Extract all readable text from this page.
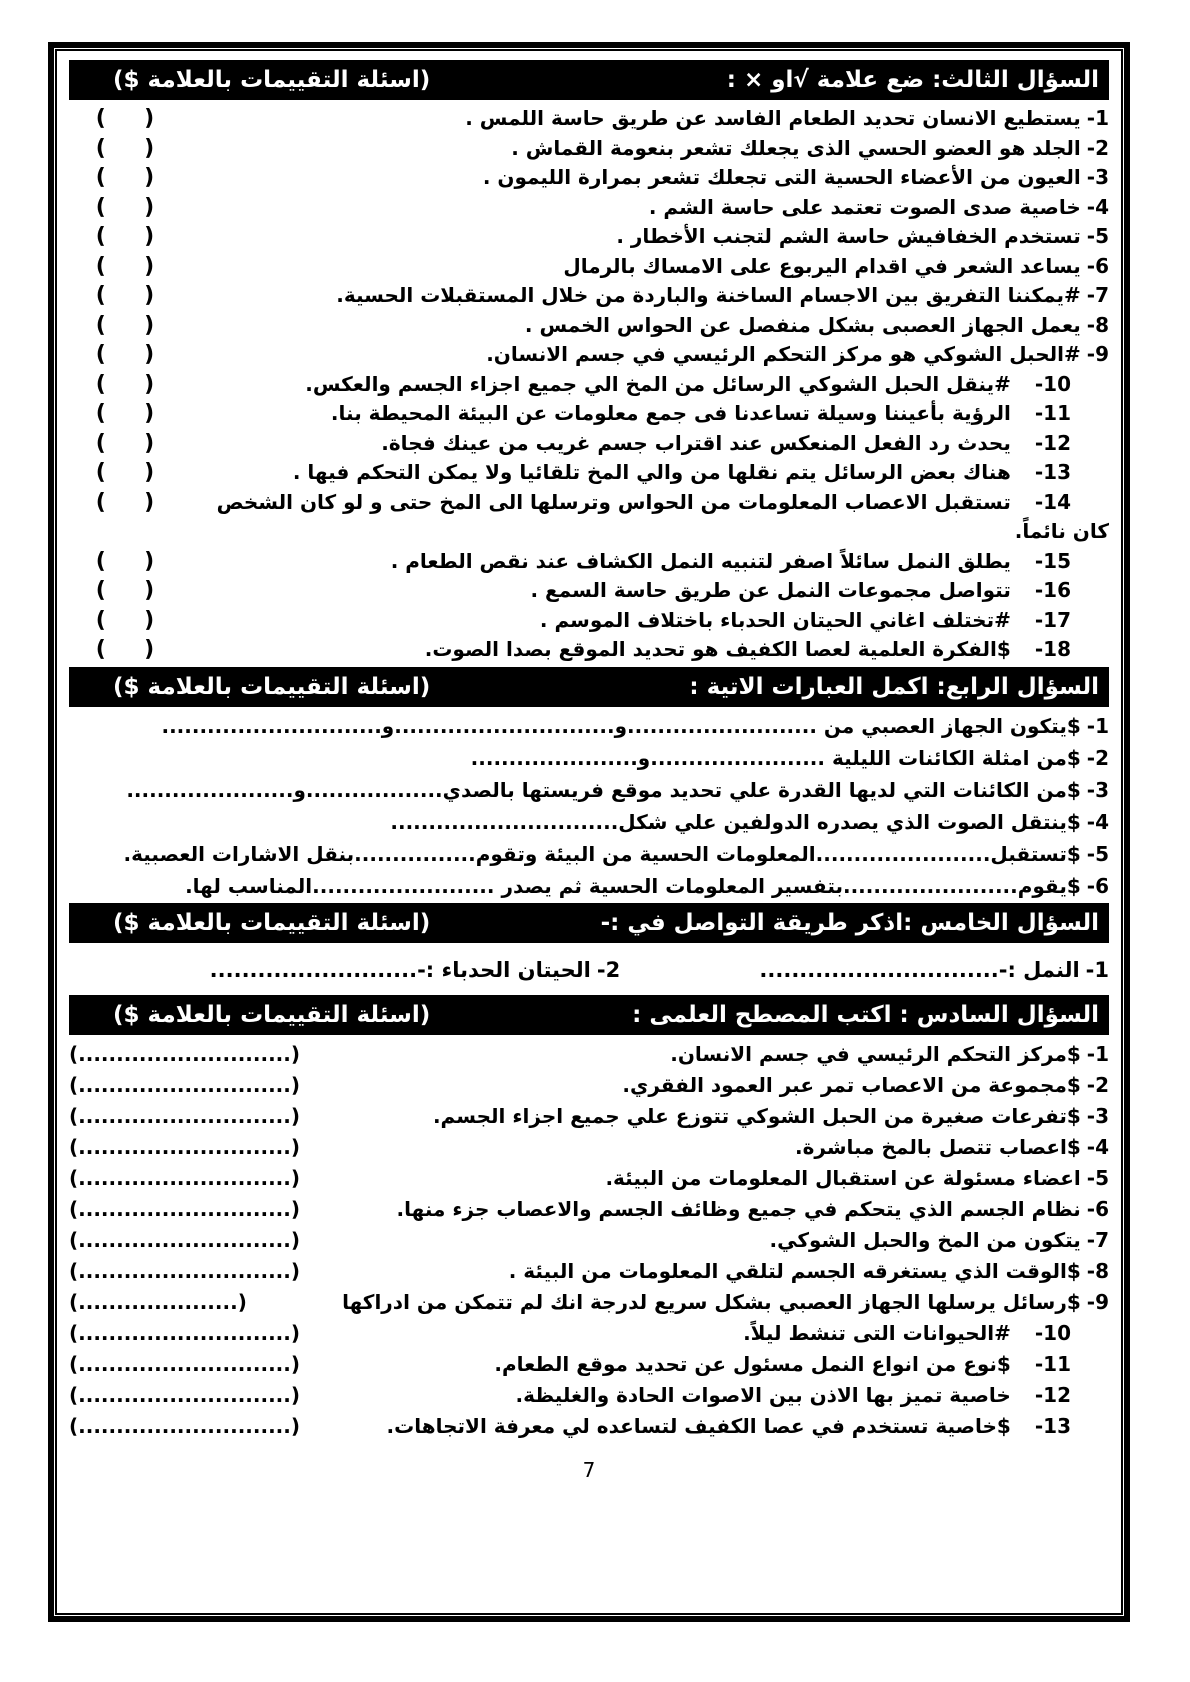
السؤال الثالث: ضع علامة √او × :
(اسئلة التقييمات بالعلامة $)
1-يستطيع الانسان تحديد الطعام الفاسد عن طريق حاسة اللمس .
(     )
2-الجلد هو العضو الحسي الذى يجعلك تشعر بنعومة القماش .
(     )
3-العيون من الأعضاء الحسية التى تجعلك تشعر بمرارة الليمون .
(     )
4-خاصية صدى الصوت تعتمد على حاسة الشم .
(     )
5-تستخدم الخفافيش حاسة الشم لتجنب الأخطار .
(     )
6-يساعد الشعر في اقدام اليربوع على الامساك بالرمال
(     )
7-#يمكننا التفريق بين الاجسام الساخنة والباردة من خلال المستقبلات الحسية.
(     )
8-يعمل الجهاز العصبى بشكل منفصل عن الحواس الخمس .
(     )
9-#الحبل الشوكي هو مركز التحكم الرئيسي في جسم الانسان.
(     )
10-#ينقل الحبل الشوكي الرسائل من المخ الي جميع اجزاء الجسم والعكس.
(     )
11-الرؤية بأعيننا وسيلة تساعدنا فى جمع معلومات عن البيئة المحيطة بنا.
(     )
12-يحدث رد الفعل المنعكس عند اقتراب جسم غريب من عينك فجاة.
(     )
13-هناك بعض الرسائل يتم نقلها من والي المخ تلقائيا ولا يمكن التحكم فيها .
(     )
14-تستقبل الاعصاب المعلومات من الحواس وترسلها الى المخ حتى و لو كان الشخص كان نائماً.
(     )
15-يطلق النمل سائلاً اصفر لتنبيه النمل الكشاف عند نقص الطعام .
(     )
16-تتواصل مجموعات النمل عن طريق حاسة السمع .
(     )
17-#تختلف اغاني الحيتان الحدباء باختلاف الموسم .
(     )
18-$الفكرة العلمية لعصا الكفيف هو تحديد الموقع بصدا الصوت.
(     )
السؤال الرابع: اكمل العبارات الاتية :
(اسئلة التقييمات بالعلامة $)
1-$يتكون الجهاز العصبي من .........................و.............................و.............................
2-$من امثلة الكائنات الليلية .......................و......................
3-$من الكائنات التي لديها القدرة علي تحديد موقع فريستها بالصدي..................و......................
4-$ينتقل الصوت الذي يصدره الدولفين علي شكل..............................
5-$تستقبل.......................المعلومات الحسية من البيئة وتقوم................بنقل الاشارات العصبية.
6-$يقوم.......................بتفسير المعلومات الحسية ثم يصدر ........................المناسب لها.
السؤال الخامس :اذكر طريقة التواصل في :-
(اسئلة التقييمات بالعلامة $)
1-النمل :-..............................
2-الحيتان الحدباء :-..........................
السؤال السادس : اكتب المصطح العلمى :
(اسئلة التقييمات بالعلامة $)
1-$مركز التحكم الرئيسي في جسم الانسان.
(............................)
2-$مجموعة من الاعصاب تمر عبر العمود الفقري.
(............................)
3-$تفرعات صغيرة من الحبل الشوكي تتوزع علي جميع اجزاء الجسم.
(............................)
4-$اعصاب تتصل بالمخ مباشرة.
(............................)
5-اعضاء مسئولة عن استقبال المعلومات من البيئة.
(............................)
6-نظام الجسم الذي يتحكم في جميع وظائف الجسم والاعصاب جزء منها.
(............................)
7-يتكون من المخ والحبل الشوكي.
(............................)
8-$الوقت الذي يستغرقه الجسم لتلقي المعلومات من البيئة .
(............................)
9-$رسائل يرسلها الجهاز العصبي بشكل سريع لدرجة انك لم تتمكن من ادراكها
(.....................)
10-#الحيوانات التى تنشط ليلاً.
(............................)
11-$نوع من انواع النمل مسئول عن تحديد موقع الطعام.
(............................)
12-خاصية تميز بها الاذن بين الاصوات الحادة والغليظة.
(............................)
13-$خاصية تستخدم في عصا الكفيف لتساعده لي معرفة الاتجاهات.
(............................)
7
